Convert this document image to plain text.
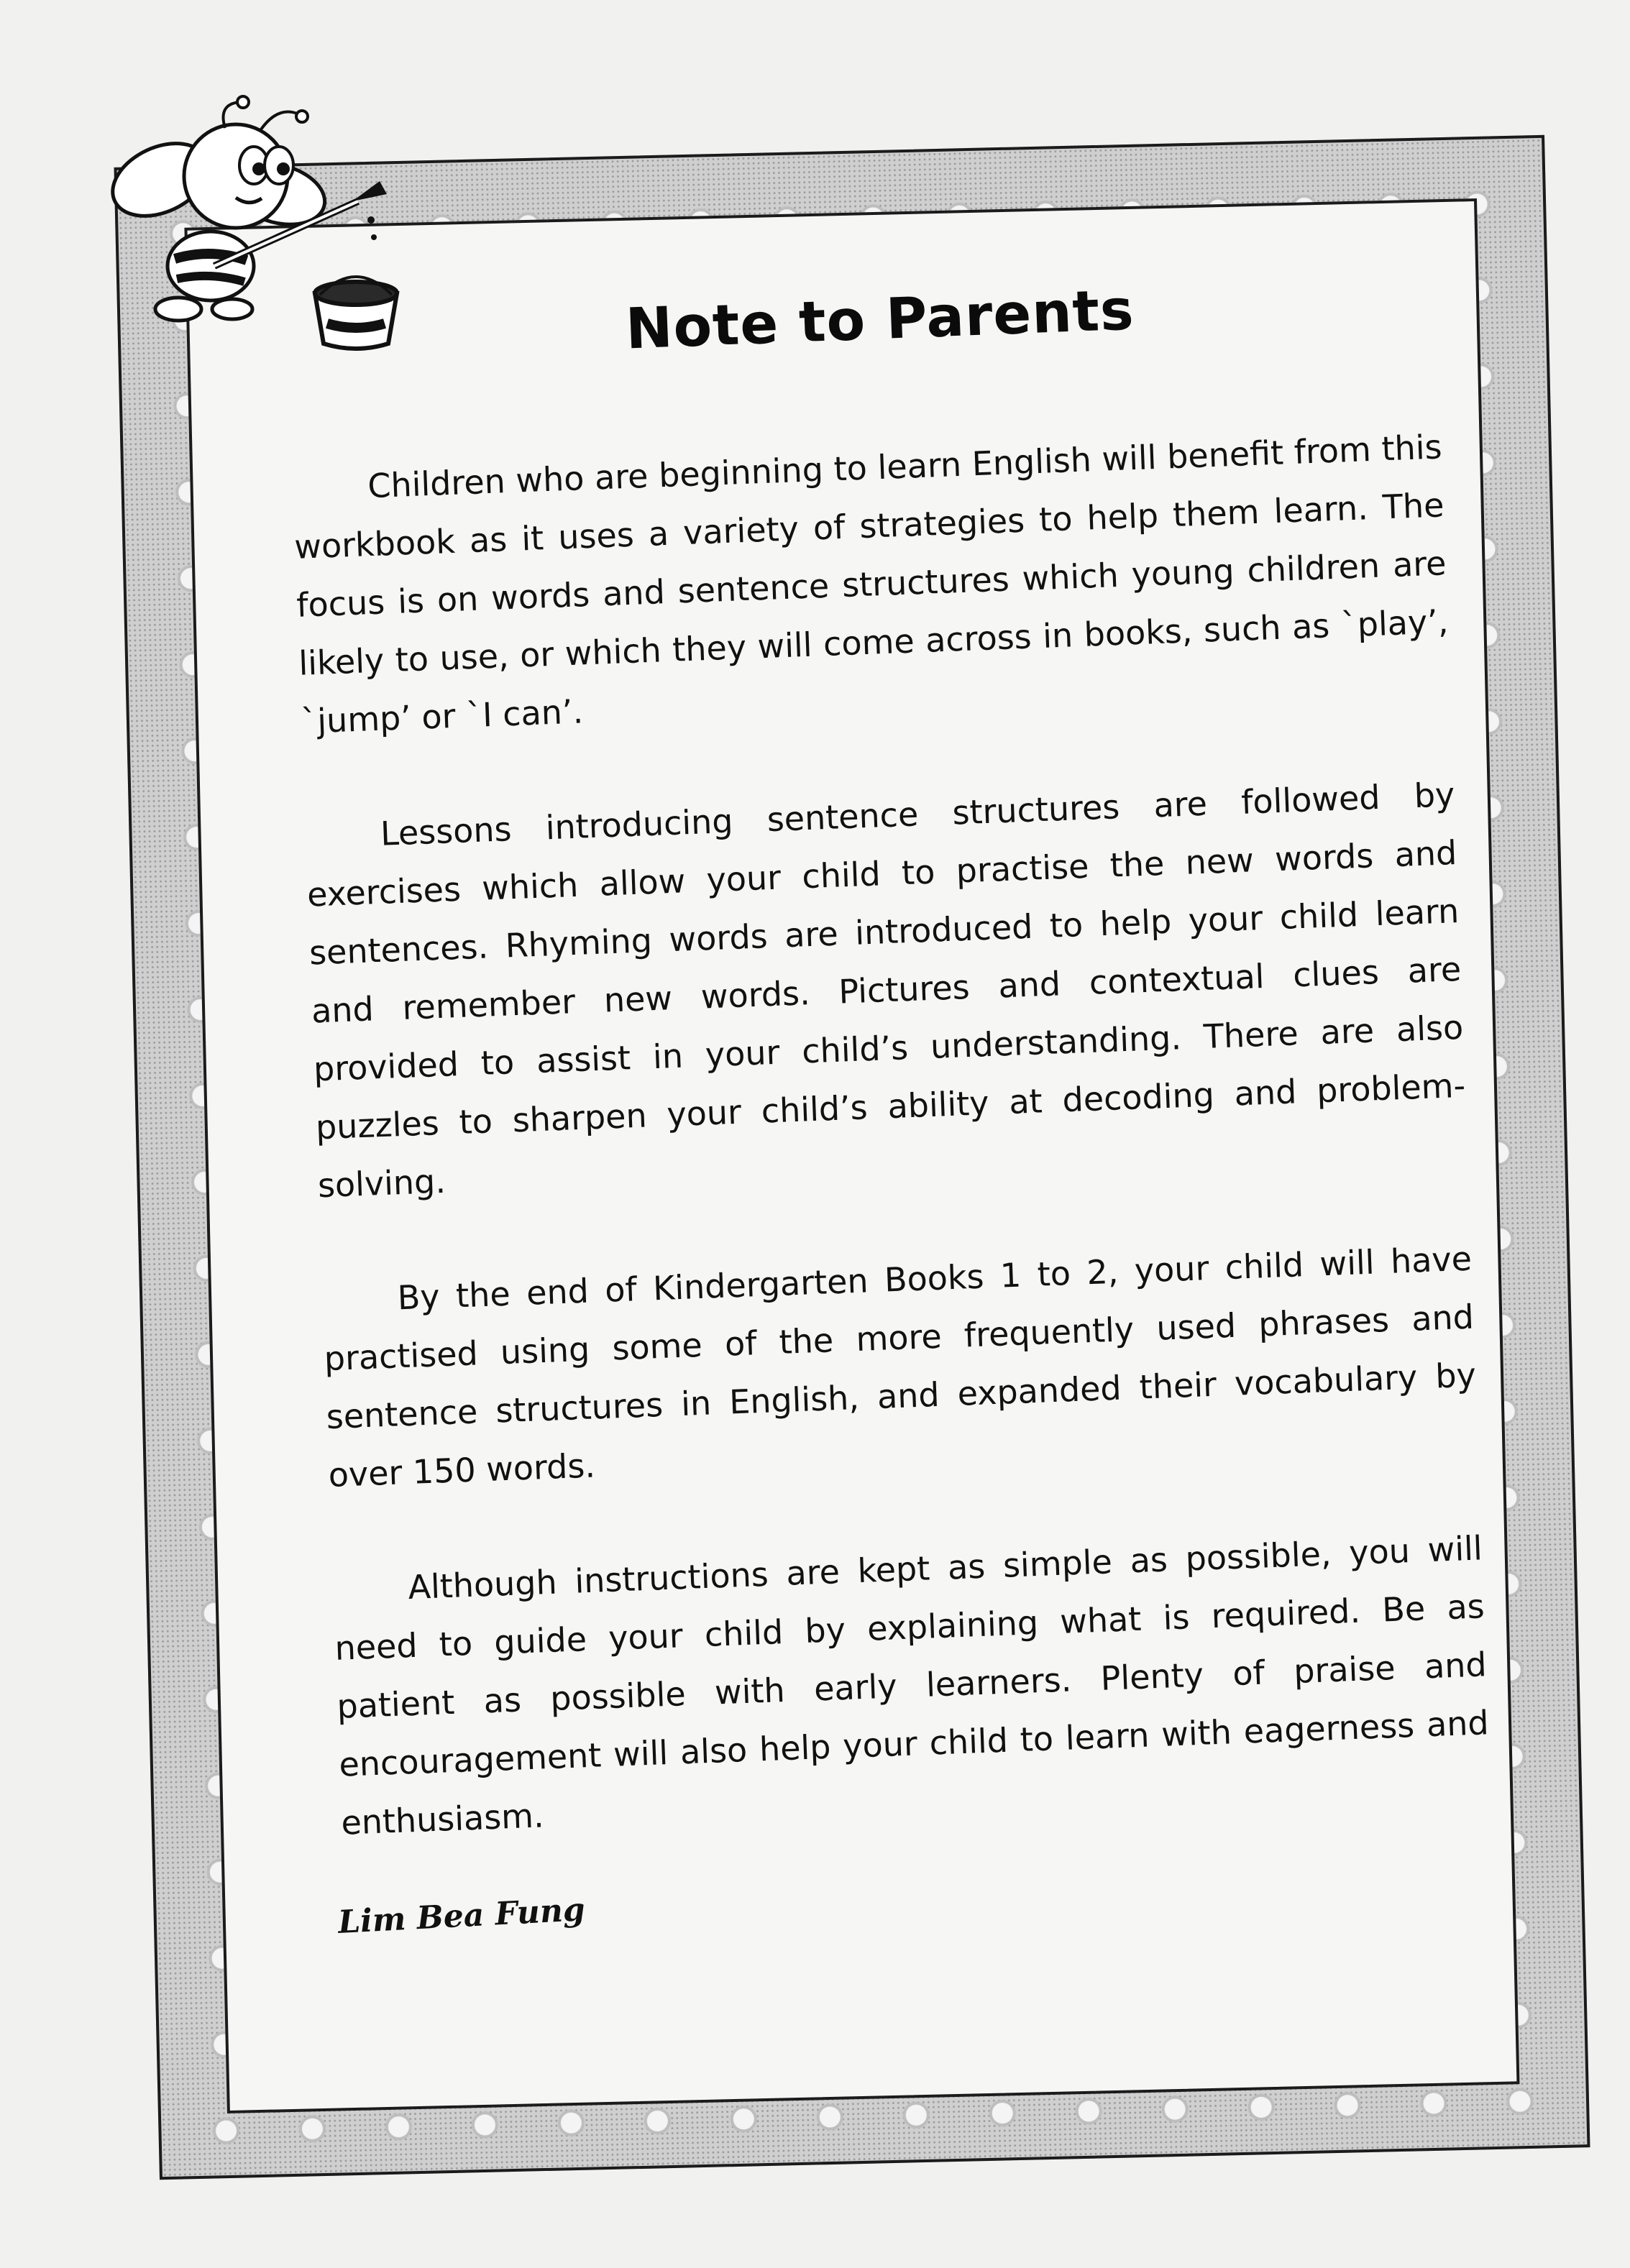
Note to Parents

Children who are beginning to learn English will benefit from this workbook as it uses a variety of strategies to help them learn. The focus is on words and sentence structures which young children are likely to use, or which they will come across in books, such as `play’, `jump’ or `I can’.

Lessons introducing sentence structures are followed by exercises which allow your child to practise the new words and sentences. Rhyming words are introduced to help your child learn and remember new words. Pictures and contextual clues are provided to assist in your child’s understanding. There are also puzzles to sharpen your child’s ability at decoding and problem-solving.

By the end of Kindergarten Books 1 to 2, your child will have practised using some of the more frequently used phrases and sentence structures in English, and expanded their vocabulary by over 150 words.

Although instructions are kept as simple as possible, you will need to guide your child by explaining what is required. Be as patient as possible with early learners. Plenty of praise and encouragement will also help your child to learn with eagerness and enthusiasm.

Lim Bea Fung
